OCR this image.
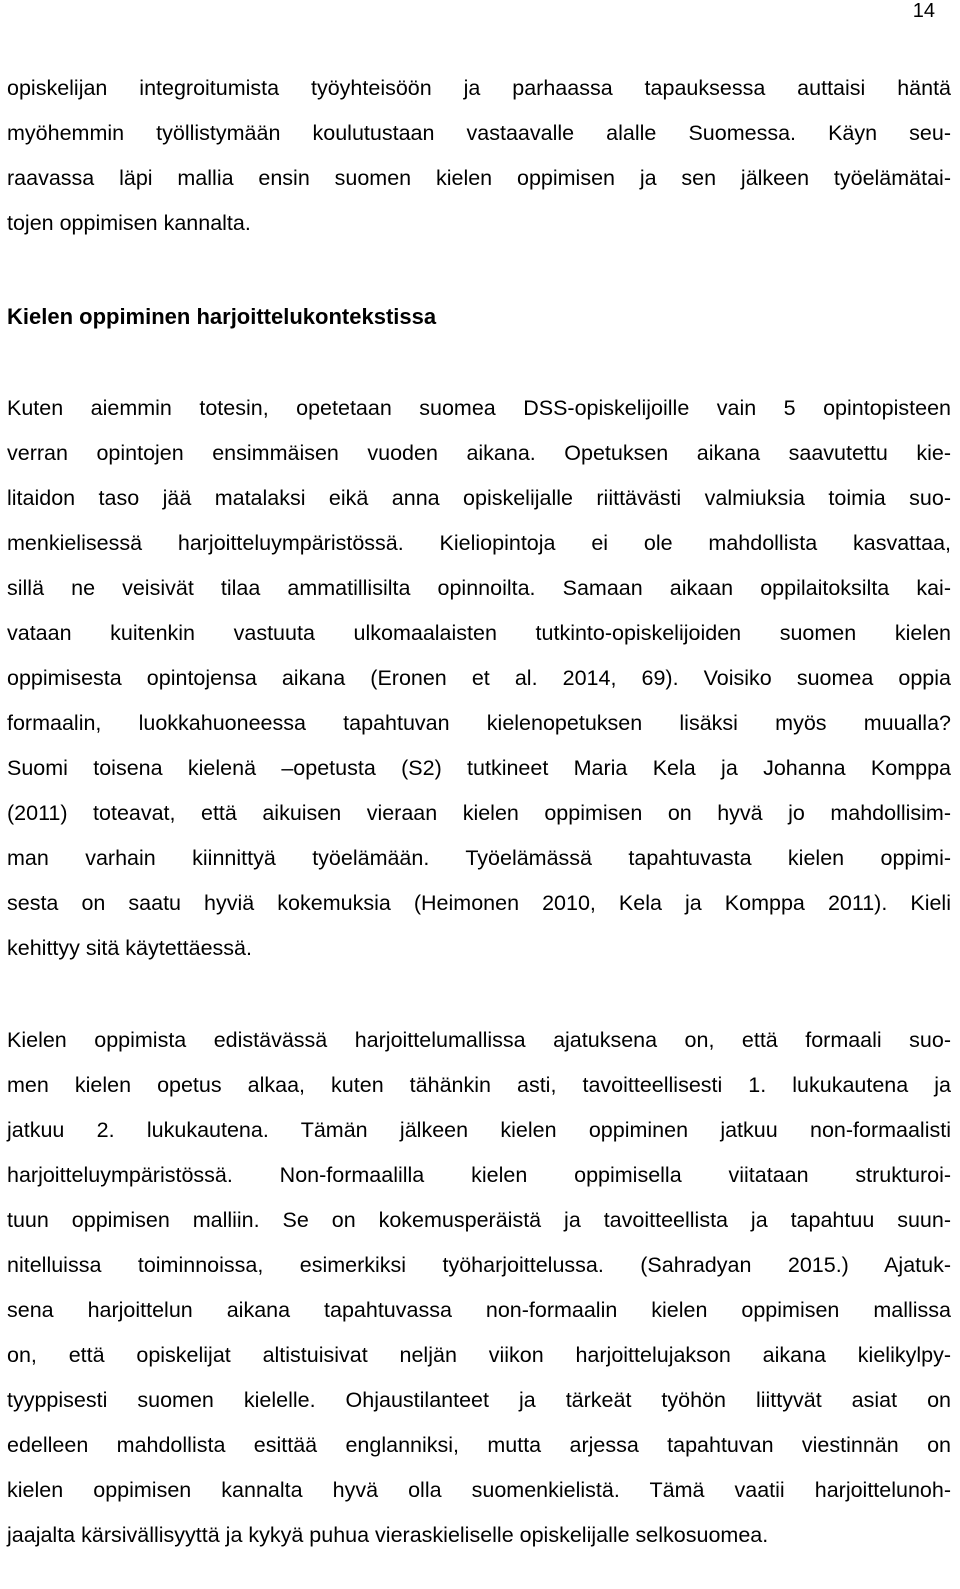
14
opiskelijan integroitumista työyhteisöön ja parhaassa tapauksessa auttaisi häntä
myöhemmin työllistymään koulutustaan vastaavalle alalle Suomessa. Käyn seu-
raavassa läpi mallia ensin suomen kielen oppimisen ja sen jälkeen työelämätai-
tojen oppimisen kannalta.
Kielen oppiminen harjoittelukontekstissa
Kuten aiemmin totesin, opetetaan suomea DSS-opiskelijoille vain 5 opintopisteen
verran opintojen ensimmäisen vuoden aikana. Opetuksen aikana saavutettu kie-
litaidon taso jää matalaksi eikä anna opiskelijalle riittävästi valmiuksia toimia suo-
menkielisessä harjoitteluympäristössä. Kieliopintoja ei ole mahdollista kasvattaa,
sillä ne veisivät tilaa ammatillisilta opinnoilta. Samaan aikaan oppilaitoksilta kai-
vataan kuitenkin vastuuta ulkomaalaisten tutkinto-opiskelijoiden suomen kielen
oppimisesta opintojensa aikana (Eronen et al. 2014, 69). Voisiko suomea oppia
formaalin, luokkahuoneessa tapahtuvan kielenopetuksen lisäksi myös muualla?
Suomi toisena kielenä –opetusta (S2) tutkineet Maria Kela ja Johanna Komppa
(2011) toteavat, että aikuisen vieraan kielen oppimisen on hyvä jo mahdollisim-
man varhain kiinnittyä työelämään. Työelämässä tapahtuvasta kielen oppimi-
sesta on saatu hyviä kokemuksia (Heimonen 2010, Kela ja Komppa 2011). Kieli
kehittyy sitä käytettäessä.
Kielen oppimista edistävässä harjoittelumallissa ajatuksena on, että formaali suo-
men kielen opetus alkaa, kuten tähänkin asti, tavoitteellisesti 1. lukukautena ja
jatkuu 2. lukukautena. Tämän jälkeen kielen oppiminen jatkuu non-formaalisti
harjoitteluympäristössä. Non-formaalilla kielen oppimisella viitataan strukturoi-
tuun oppimisen malliin. Se on kokemusperäistä ja tavoitteellista ja tapahtuu suun-
nitelluissa toiminnoissa, esimerkiksi työharjoittelussa. (Sahradyan 2015.) Ajatuk-
sena harjoittelun aikana tapahtuvassa non-formaalin kielen oppimisen mallissa
on, että opiskelijat altistuisivat neljän viikon harjoittelujakson aikana kielikylpy-
tyyppisesti suomen kielelle. Ohjaustilanteet ja tärkeät työhön liittyvät asiat on
edelleen mahdollista esittää englanniksi, mutta arjessa tapahtuvan viestinnän on
kielen oppimisen kannalta hyvä olla suomenkielistä. Tämä vaatii harjoittelunoh-
jaajalta kärsivällisyyttä ja kykyä puhua vieraskieliselle opiskelijalle selkosuomea.
